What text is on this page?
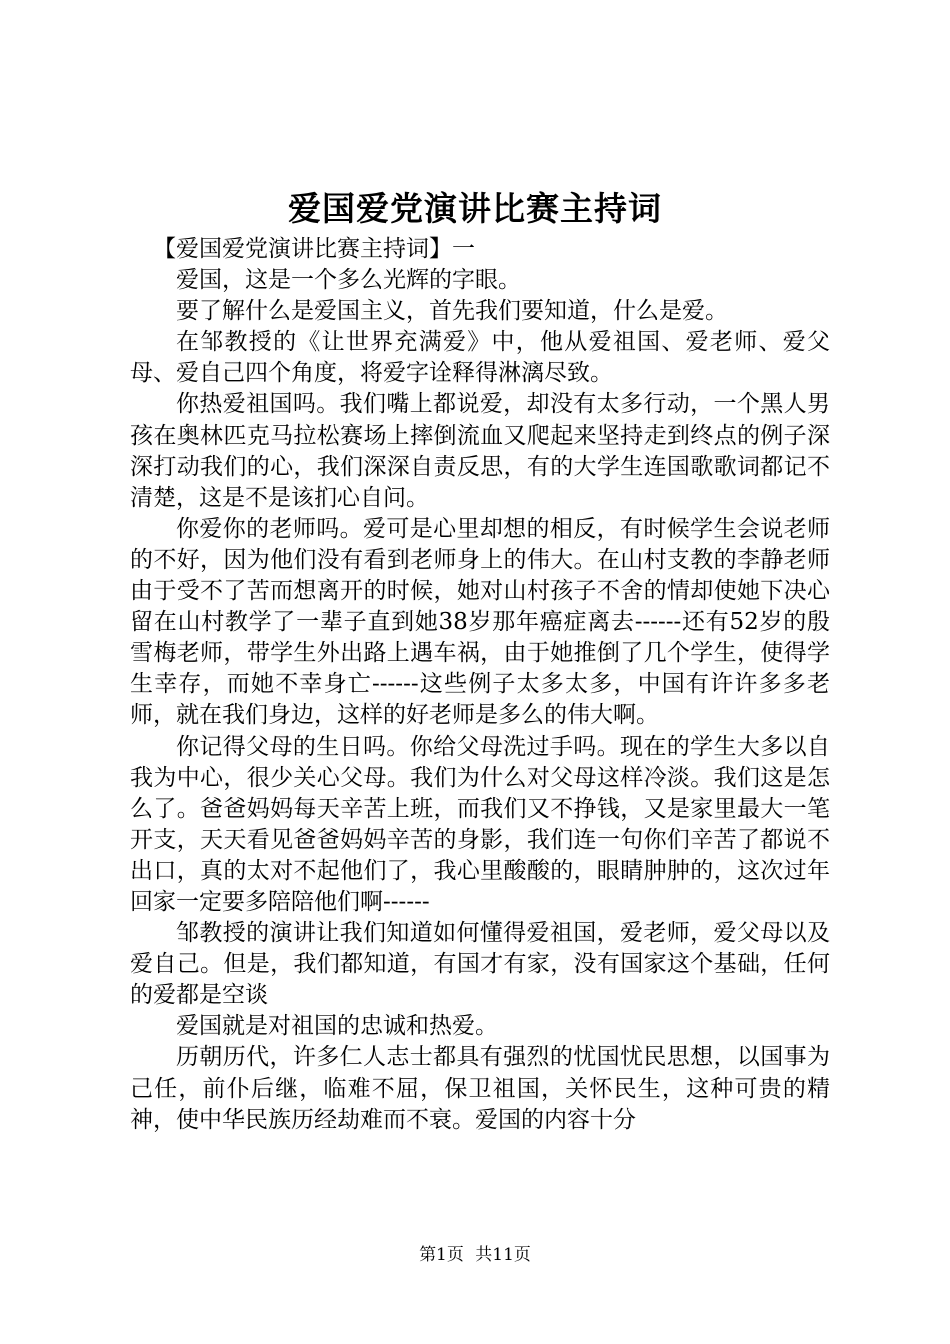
爱国爱党演讲比赛主持词

【爱国爱党演讲比赛主持词】一

爱国，这是一个多么光辉的字眼。

要了解什么是爱国主义，首先我们要知道，什么是爱。

在邹教授的《让世界充满爱》中，他从爱祖国、爱老师、爱父母、爱自己四个角度，将爱字诠释得淋漓尽致。

你热爱祖国吗。我们嘴上都说爱，却没有太多行动，一个黑人男孩在奥林匹克马拉松赛场上摔倒流血又爬起来坚持走到终点的例子深深打动我们的心，我们深深自责反思，有的大学生连国歌歌词都记不清楚，这是不是该扪心自问。

你爱你的老师吗。爱可是心里却想的相反，有时候学生会说老师的不好，因为他们没有看到老师身上的伟大。在山村支教的李静老师由于受不了苦而想离开的时候，她对山村孩子不舍的情却使她下决心留在山村教学了一辈子直到她38岁那年癌症离去------还有52岁的殷雪梅老师，带学生外出路上遇车祸，由于她推倒了几个学生，使得学生幸存，而她不幸身亡------这些例子太多太多，中国有许许多多老师，就在我们身边，这样的好老师是多么的伟大啊。

你记得父母的生日吗。你给父母洗过手吗。现在的学生大多以自我为中心，很少关心父母。我们为什么对父母这样冷淡。我们这是怎么了。爸爸妈妈每天辛苦上班，而我们又不挣钱，又是家里最大一笔开支，天天看见爸爸妈妈辛苦的身影，我们连一句你们辛苦了都说不出口，真的太对不起他们了，我心里酸酸的，眼睛肿肿的，这次过年回家一定要多陪陪他们啊------

邹教授的演讲让我们知道如何懂得爱祖国，爱老师，爱父母以及爱自己。但是，我们都知道，有国才有家，没有国家这个基础，任何的爱都是空谈

爱国就是对祖国的忠诚和热爱。

历朝历代，许多仁人志士都具有强烈的忧国忧民思想，以国事为己任，前仆后继，临难不屈，保卫祖国，关怀民生，这种可贵的精神，使中华民族历经劫难而不衰。爱国的内容十分

第1页 共11页
